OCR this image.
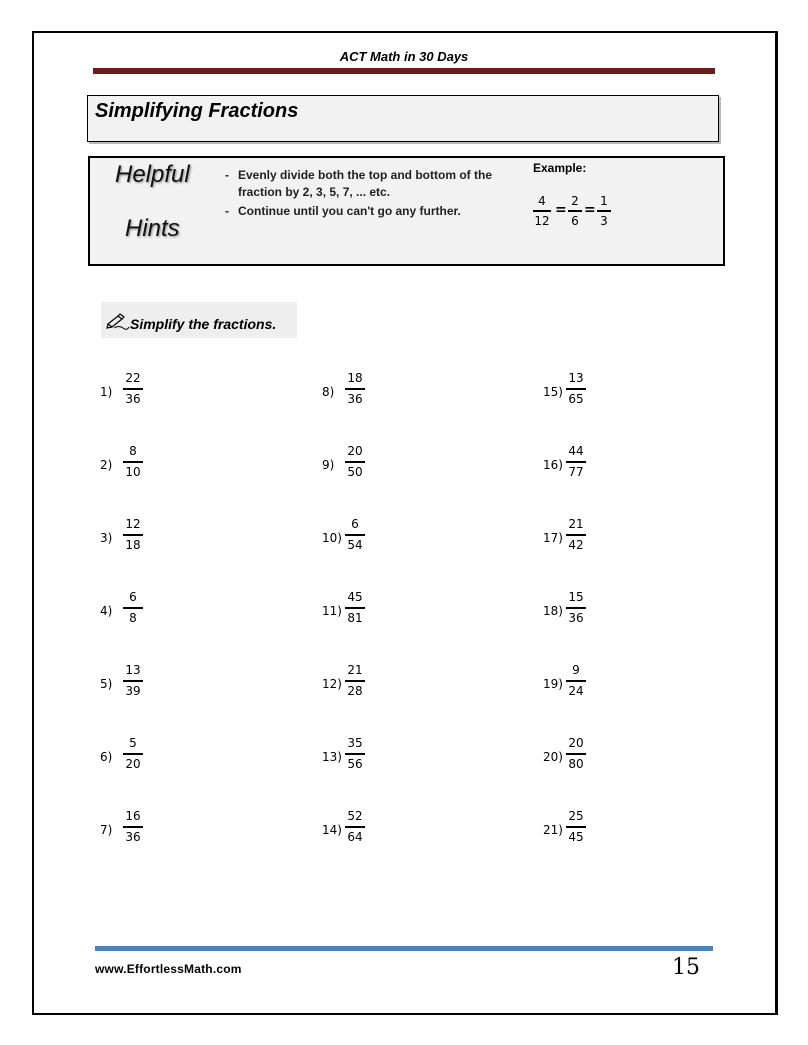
ACT Math in 30 Days
Simplifying Fractions
Helpful
Hints
- Evenly divide both the top and bottom of the
fraction by 2, 3, 5, 7, ... etc.
- Continue until you can't go any further.
Example:
4
12
=
2
6
=
1
3
Simplify the fractions.
1)
22
36
2)
8
10
3)
12
18
4)
6
8
5)
13
39
6)
5
20
7)
16
36
8)
18
36
9)
20
50
10)
6
54
11)
45
81
12)
21
28
13)
35
56
14)
52
64
15)
13
65
16)
44
77
17)
21
42
18)
15
36
19)
9
24
20)
20
80
21)
25
45
www.EffortlessMath.com	15
